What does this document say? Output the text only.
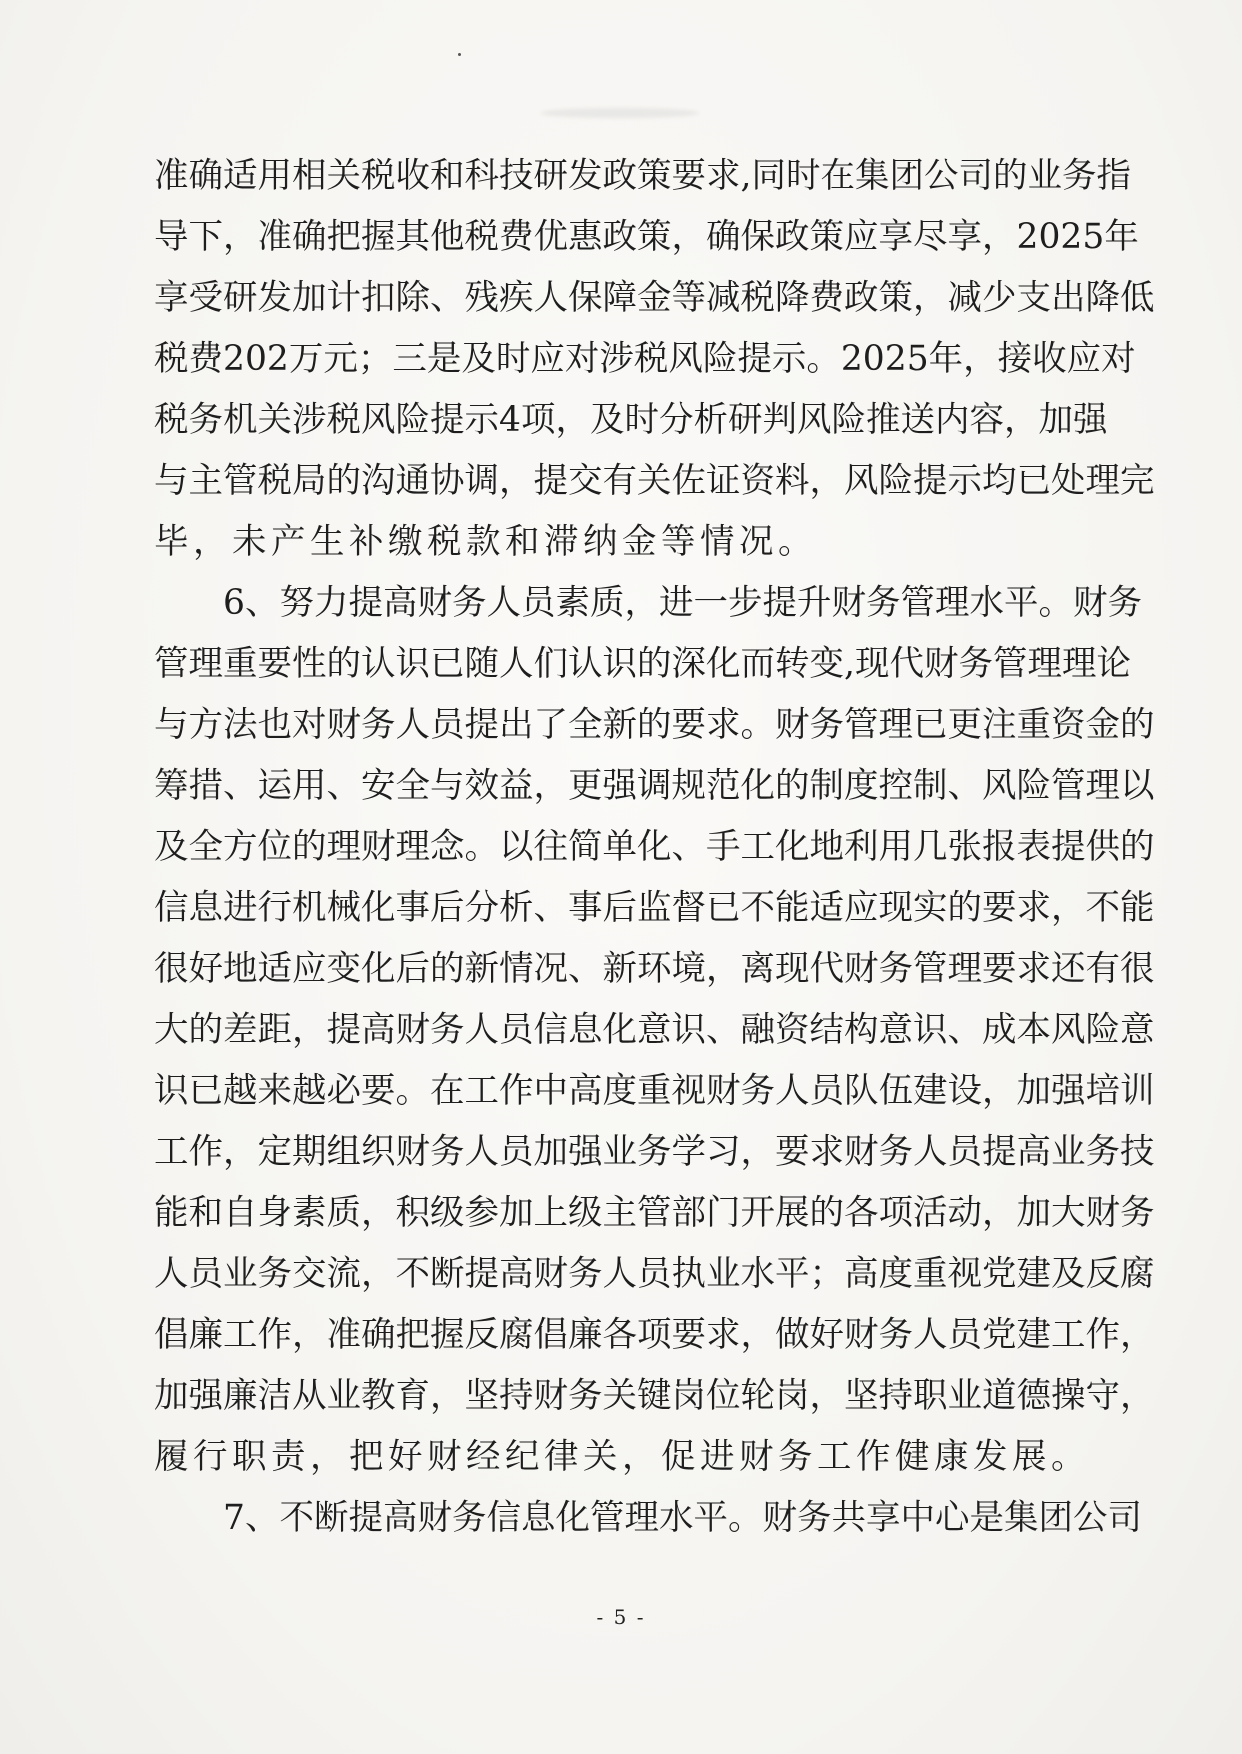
准 确 适 用 相 关 税 收 和 科 技 研 发 政 策 要 求 , 同 时 在 集 团 公 司 的 业 务 指
导 下 ， 准 确 把 握 其 他 税 费 优 惠 政 策 ， 确 保 政 策 应 享 尽 享 ， 2025 年
享 受 研 发 加 计 扣 除 、 残 疾 人 保 障 金 等 减 税 降 费 政 策 ， 减 少 支 出 降 低
税 费 202 万 元 ； 三 是 及 时 应 对 涉 税 风 险 提 示 。 2025 年 ， 接 收 应 对
税 务 机 关 涉 税 风 险 提 示 4 项 ， 及 时 分 析 研 判 风 险 推 送 内 容 ， 加 强
与 主 管 税 局 的 沟 通 协 调 ， 提 交 有 关 佐 证 资 料 ， 风 险 提 示 均 已 处 理 完
毕，未产生补缴税款和滞纳金等情况。
6 、 努 力 提 高 财 务 人 员 素 质 ， 进 一 步 提 升 财 务 管 理 水 平 。 财 务
管 理 重 要 性 的 认 识 已 随 人 们 认 识 的 深 化 而 转 变 , 现 代 财 务 管 理 理 论
与 方 法 也 对 财 务 人 员 提 出 了 全 新 的 要 求 。 财 务 管 理 已 更 注 重 资 金 的
筹 措 、 运 用 、 安 全 与 效 益 ， 更 强 调 规 范 化 的 制 度 控 制 、 风 险 管 理 以
及 全 方 位 的 理 财 理 念 。 以 往 简 单 化 、 手 工 化 地 利 用 几 张 报 表 提 供 的
信 息 进 行 机 械 化 事 后 分 析 、 事 后 监 督 已 不 能 适 应 现 实 的 要 求 ， 不 能
很 好 地 适 应 变 化 后 的 新 情 况 、 新 环 境 ， 离 现 代 财 务 管 理 要 求 还 有 很
大 的 差 距 ， 提 高 财 务 人 员 信 息 化 意 识 、 融 资 结 构 意 识 、 成 本 风 险 意
识 已 越 来 越 必 要 。 在 工 作 中 高 度 重 视 财 务 人 员 队 伍 建 设 ， 加 强 培 训
工 作 ， 定 期 组 织 财 务 人 员 加 强 业 务 学 习 ， 要 求 财 务 人 员 提 高 业 务 技
能 和 自 身 素 质 ， 积 级 参 加 上 级 主 管 部 门 开 展 的 各 项 活 动 ， 加 大 财 务
人 员 业 务 交 流 ， 不 断 提 高 财 务 人 员 执 业 水 平 ； 高 度 重 视 党 建 及 反 腐
倡 廉 工 作 ， 准 确 把 握 反 腐 倡 廉 各 项 要 求 ， 做 好 财 务 人 员 党 建 工 作 ，
加 强 廉 洁 从 业 教 育 ， 坚 持 财 务 关 键 岗 位 轮 岗 ， 坚 持 职 业 道 德 操 守 ，
履行职责，把好财经纪律关，促进财务工作健康发展。
7 、 不 断 提 高 财 务 信 息 化 管 理 水 平 。 财 务 共 享 中 心 是 集 团 公 司
- 5 -
